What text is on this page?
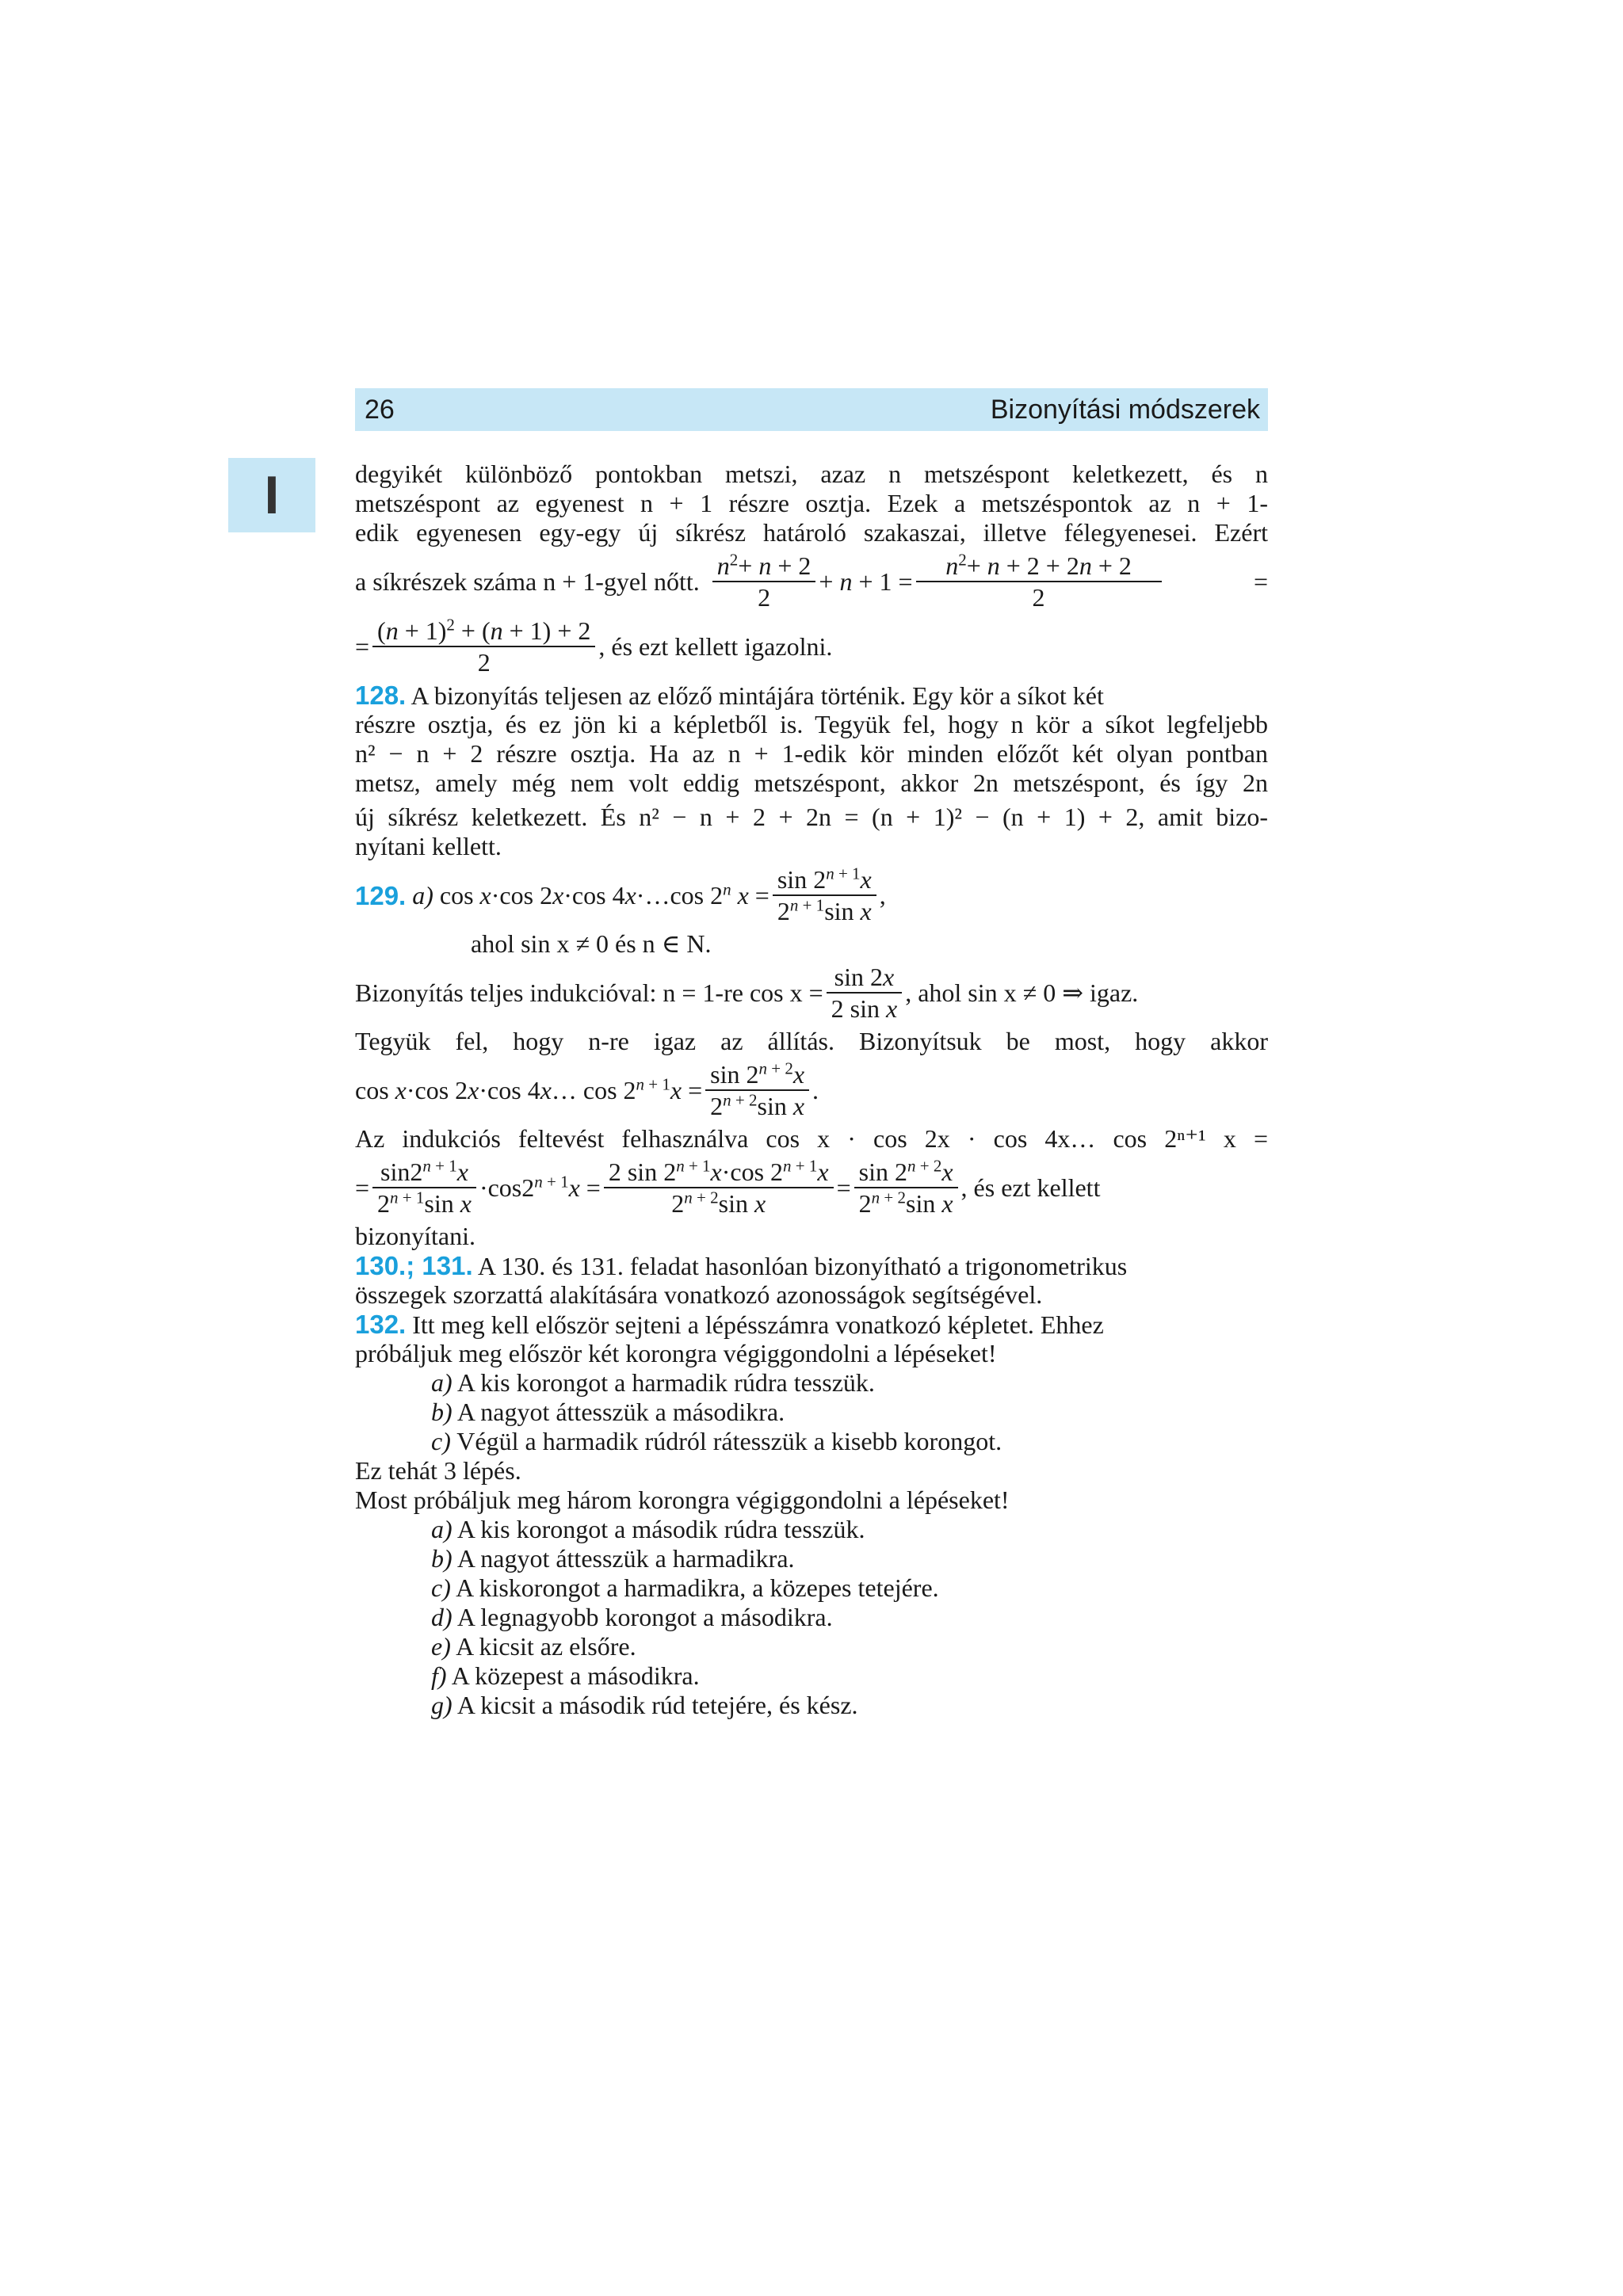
26	Bizonyítási módszerek
I	degyikét különböző pontokban metszi, azaz n metszéspont keletkezett, és n
metszéspont az egyenest n + 1 részre osztja. Ezek a metszéspontok az n + 1-
edik egyenesen egy-egy új síkrész határoló szakaszai, illetve félegyenesei. Ezért
a síkrészek száma n + 1-gyel nőtt. $\frac{n^2+ n + 2}{2} + n + 1 = \frac{n^2+ n + 2 + 2n + 2}{2}$	=
= $\frac{(n + 1)^2 + (n + 1) + 2}{2}$ , és ezt kellett igazolni.
128. A bizonyítás teljesen az előző mintájára történik. Egy kör a síkot két
részre osztja, és ez jön ki a képletből is. Tegyük fel, hogy n kör a síkot legfeljebb
n² − n + 2 részre osztja. Ha az n + 1-edik kör minden előzőt két olyan pontban
metsz, amely még nem volt eddig metszéspont, akkor 2n metszéspont, és így 2n
új síkrész keletkezett. És n² − n + 2 + 2n = (n + 1)² − (n + 1) + 2, amit bizo-
nyítani kellett.
129. a) cos x·cos 2x·cos 4x·…cos 2$^n$ $x = \frac{\sin 2^{n + 1}x}{2^{n + 1}\sin x}$ ,
ahol sin x ≠ 0 és n ∈ N.
Bizonyítás teljes indukcióval: n = 1-re $\cos x = \frac{\sin 2x}{\text{2 sin x}}$ , ahol sin x ≠ 0 ⇒ igaz.
Tegyük fel, hogy n-re igaz az állítás. Bizonyítsuk be most, hogy akkor
cos x·cos 2x·cos 4x… $\cos 2^{n + 1}x = \frac{\sin 2^{n + 2}x}{2^{n + 2}\sin x}$ .
Az indukciós feltevést felhasználva cos x · cos 2x · cos 4x… cos 2ⁿ⁺¹ x =
= $\frac{\sin 2^{n + 1}x}{2^{n + 1}\sin x} \cdot\cos 2^{n + 1}x = \frac{2 \sin 2^{n + 1}x\cdot\cos 2^{n + 1}x}{2^{n + 2}\sin x} = \frac{\sin 2^{n + 2}x}{2^{n + 2}\sin x}$ , és ezt kellett
bizonyítani.
130.; 131. A 130. és 131. feladat hasonlóan bizonyítható a trigonometrikus
összegek szorzattá alakítására vonatkozó azonosságok segítségével.
132. Itt meg kell először sejteni a lépésszámra vonatkozó képletet. Ehhez
próbáljuk meg először két korongra végiggondolni a lépéseket!
a) A kis korongot a harmadik rúdra tesszük.
b) A nagyot áttesszük a másodikra.
c) Végül a harmadik rúdról rátesszük a kisebb korongot.
Ez tehát 3 lépés.
Most próbáljuk meg három korongra végiggondolni a lépéseket!
a) A kis korongot a második rúdra tesszük.
b) A nagyot áttesszük a harmadikra.
c) A kiskorongot a harmadikra, a közepes tetejére.
d) A legnagyobb korongot a másodikra.
e) A kicsit az elsőre.
f) A közepest a másodikra.
g) A kicsit a második rúd tetejére, és kész.
